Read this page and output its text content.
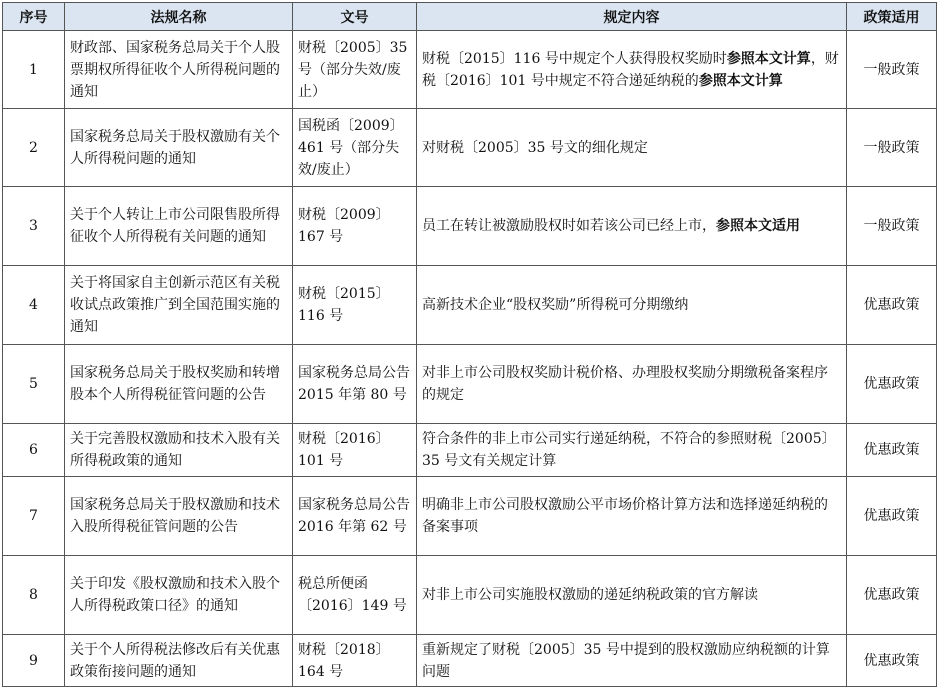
序号	法规名称	文号	规定内容	政策适用
1	财政部、国家税务总局关于个人股票期权所得征收个人所得税问题的通知	财税〔2005〕35 号（部分失效/废止）	财税〔2015〕116 号中规定个人获得股权奖励时参照本文计算，财税〔2016〕101 号中规定不符合递延纳税的参照本文计算	一般政策
2	国家税务总局关于股权激励有关个人所得税问题的通知	国税函〔2009〕461 号（部分失效/废止）	对财税〔2005〕35 号文的细化规定	一般政策
3	关于个人转让上市公司限售股所得征收个人所得税有关问题的通知	财税〔2009〕167 号	员工在转让被激励股权时如若该公司已经上市，参照本文适用	一般政策
4	关于将国家自主创新示范区有关税收试点政策推广到全国范围实施的通知	财税〔2015〕116 号	高新技术企业“股权奖励”所得税可分期缴纳	优惠政策
5	国家税务总局关于股权奖励和转增股本个人所得税征管问题的公告	国家税务总局公告 2015 年第 80 号	对非上市公司股权奖励计税价格、办理股权奖励分期缴税备案程序的规定	优惠政策
6	关于完善股权激励和技术入股有关所得税政策的通知	财税〔2016〕101 号	符合条件的非上市公司实行递延纳税，不符合的参照财税〔2005〕35 号文有关规定计算	优惠政策
7	国家税务总局关于股权激励和技术入股所得税征管问题的公告	国家税务总局公告 2016 年第 62 号	明确非上市公司股权激励公平市场价格计算方法和选择递延纳税的备案事项	优惠政策
8	关于印发《股权激励和技术入股个人所得税政策口径》的通知	税总所便函〔2016〕149 号	对非上市公司实施股权激励的递延纳税政策的官方解读	优惠政策
9	关于个人所得税法修改后有关优惠政策衔接问题的通知	财税〔2018〕164 号	重新规定了财税〔2005〕35 号中提到的股权激励应纳税额的计算问题	优惠政策
